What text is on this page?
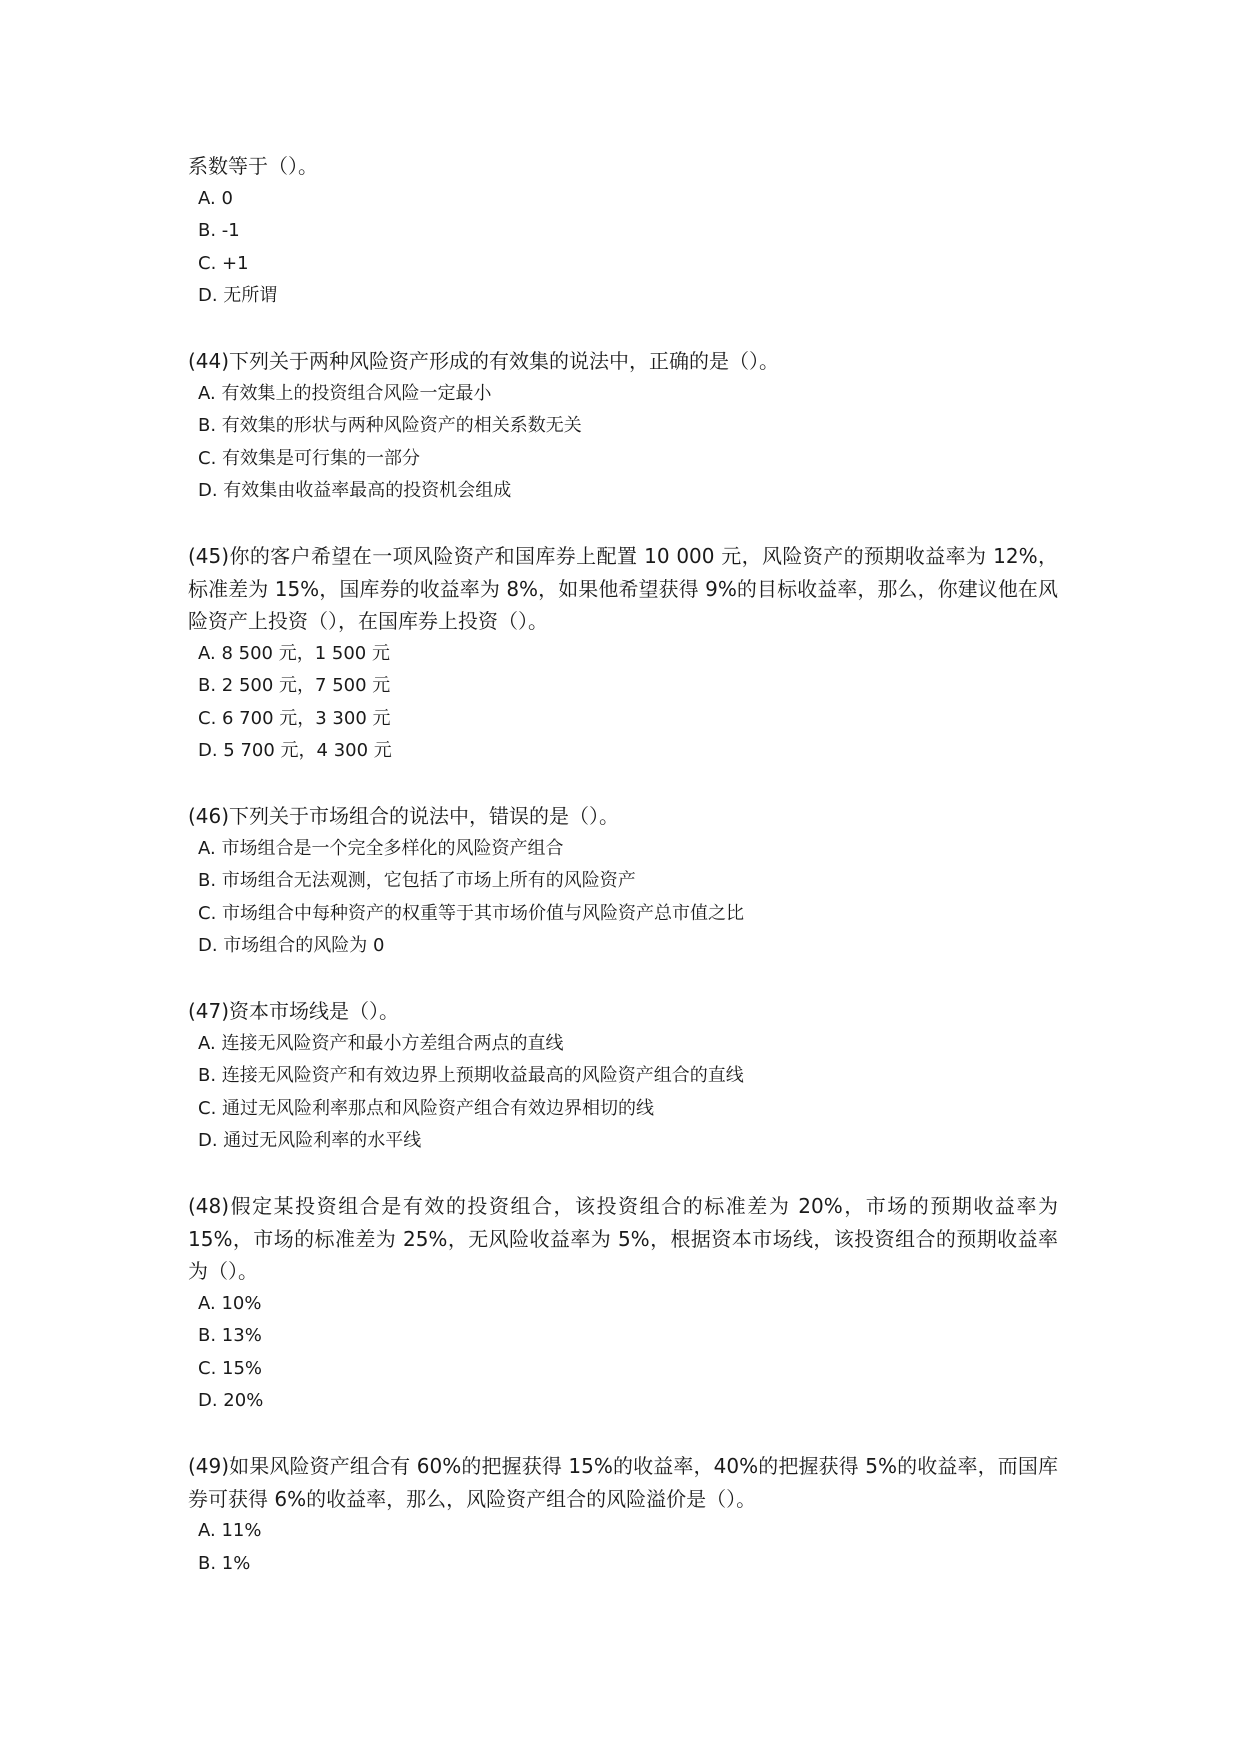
系数等于（）。

A. 0
B. -1
C. +1
D. 无所谓

(44)下列关于两种风险资产形成的有效集的说法中，正确的是（）。

A. 有效集上的投资组合风险一定最小
B. 有效集的形状与两种风险资产的相关系数无关
C. 有效集是可行集的一部分
D. 有效集由收益率最高的投资机会组成

(45)你的客户希望在一项风险资产和国库券上配置 10 000 元，风险资产的预期收益率为 12%，标准差为 15%，国库券的收益率为 8%，如果他希望获得 9%的目标收益率，那么，你建议他在风险资产上投资（），在国库券上投资（）。

A. 8 500 元，1 500 元
B. 2 500 元，7 500 元
C. 6 700 元，3 300 元
D. 5 700 元，4 300 元

(46)下列关于市场组合的说法中，错误的是（）。

A. 市场组合是一个完全多样化的风险资产组合
B. 市场组合无法观测，它包括了市场上所有的风险资产
C. 市场组合中每种资产的权重等于其市场价值与风险资产总市值之比
D. 市场组合的风险为 0

(47)资本市场线是（）。

A. 连接无风险资产和最小方差组合两点的直线
B. 连接无风险资产和有效边界上预期收益最高的风险资产组合的直线
C. 通过无风险利率那点和风险资产组合有效边界相切的线
D. 通过无风险利率的水平线

(48)假定某投资组合是有效的投资组合，该投资组合的标准差为 20%，市场的预期收益率为 15%，市场的标准差为 25%，无风险收益率为 5%，根据资本市场线，该投资组合的预期收益率为（）。

A. 10%
B. 13%
C. 15%
D. 20%

(49)如果风险资产组合有 60%的把握获得 15%的收益率，40%的把握获得 5%的收益率，而国库券可获得 6%的收益率，那么，风险资产组合的风险溢价是（）。

A. 11%
B. 1%
